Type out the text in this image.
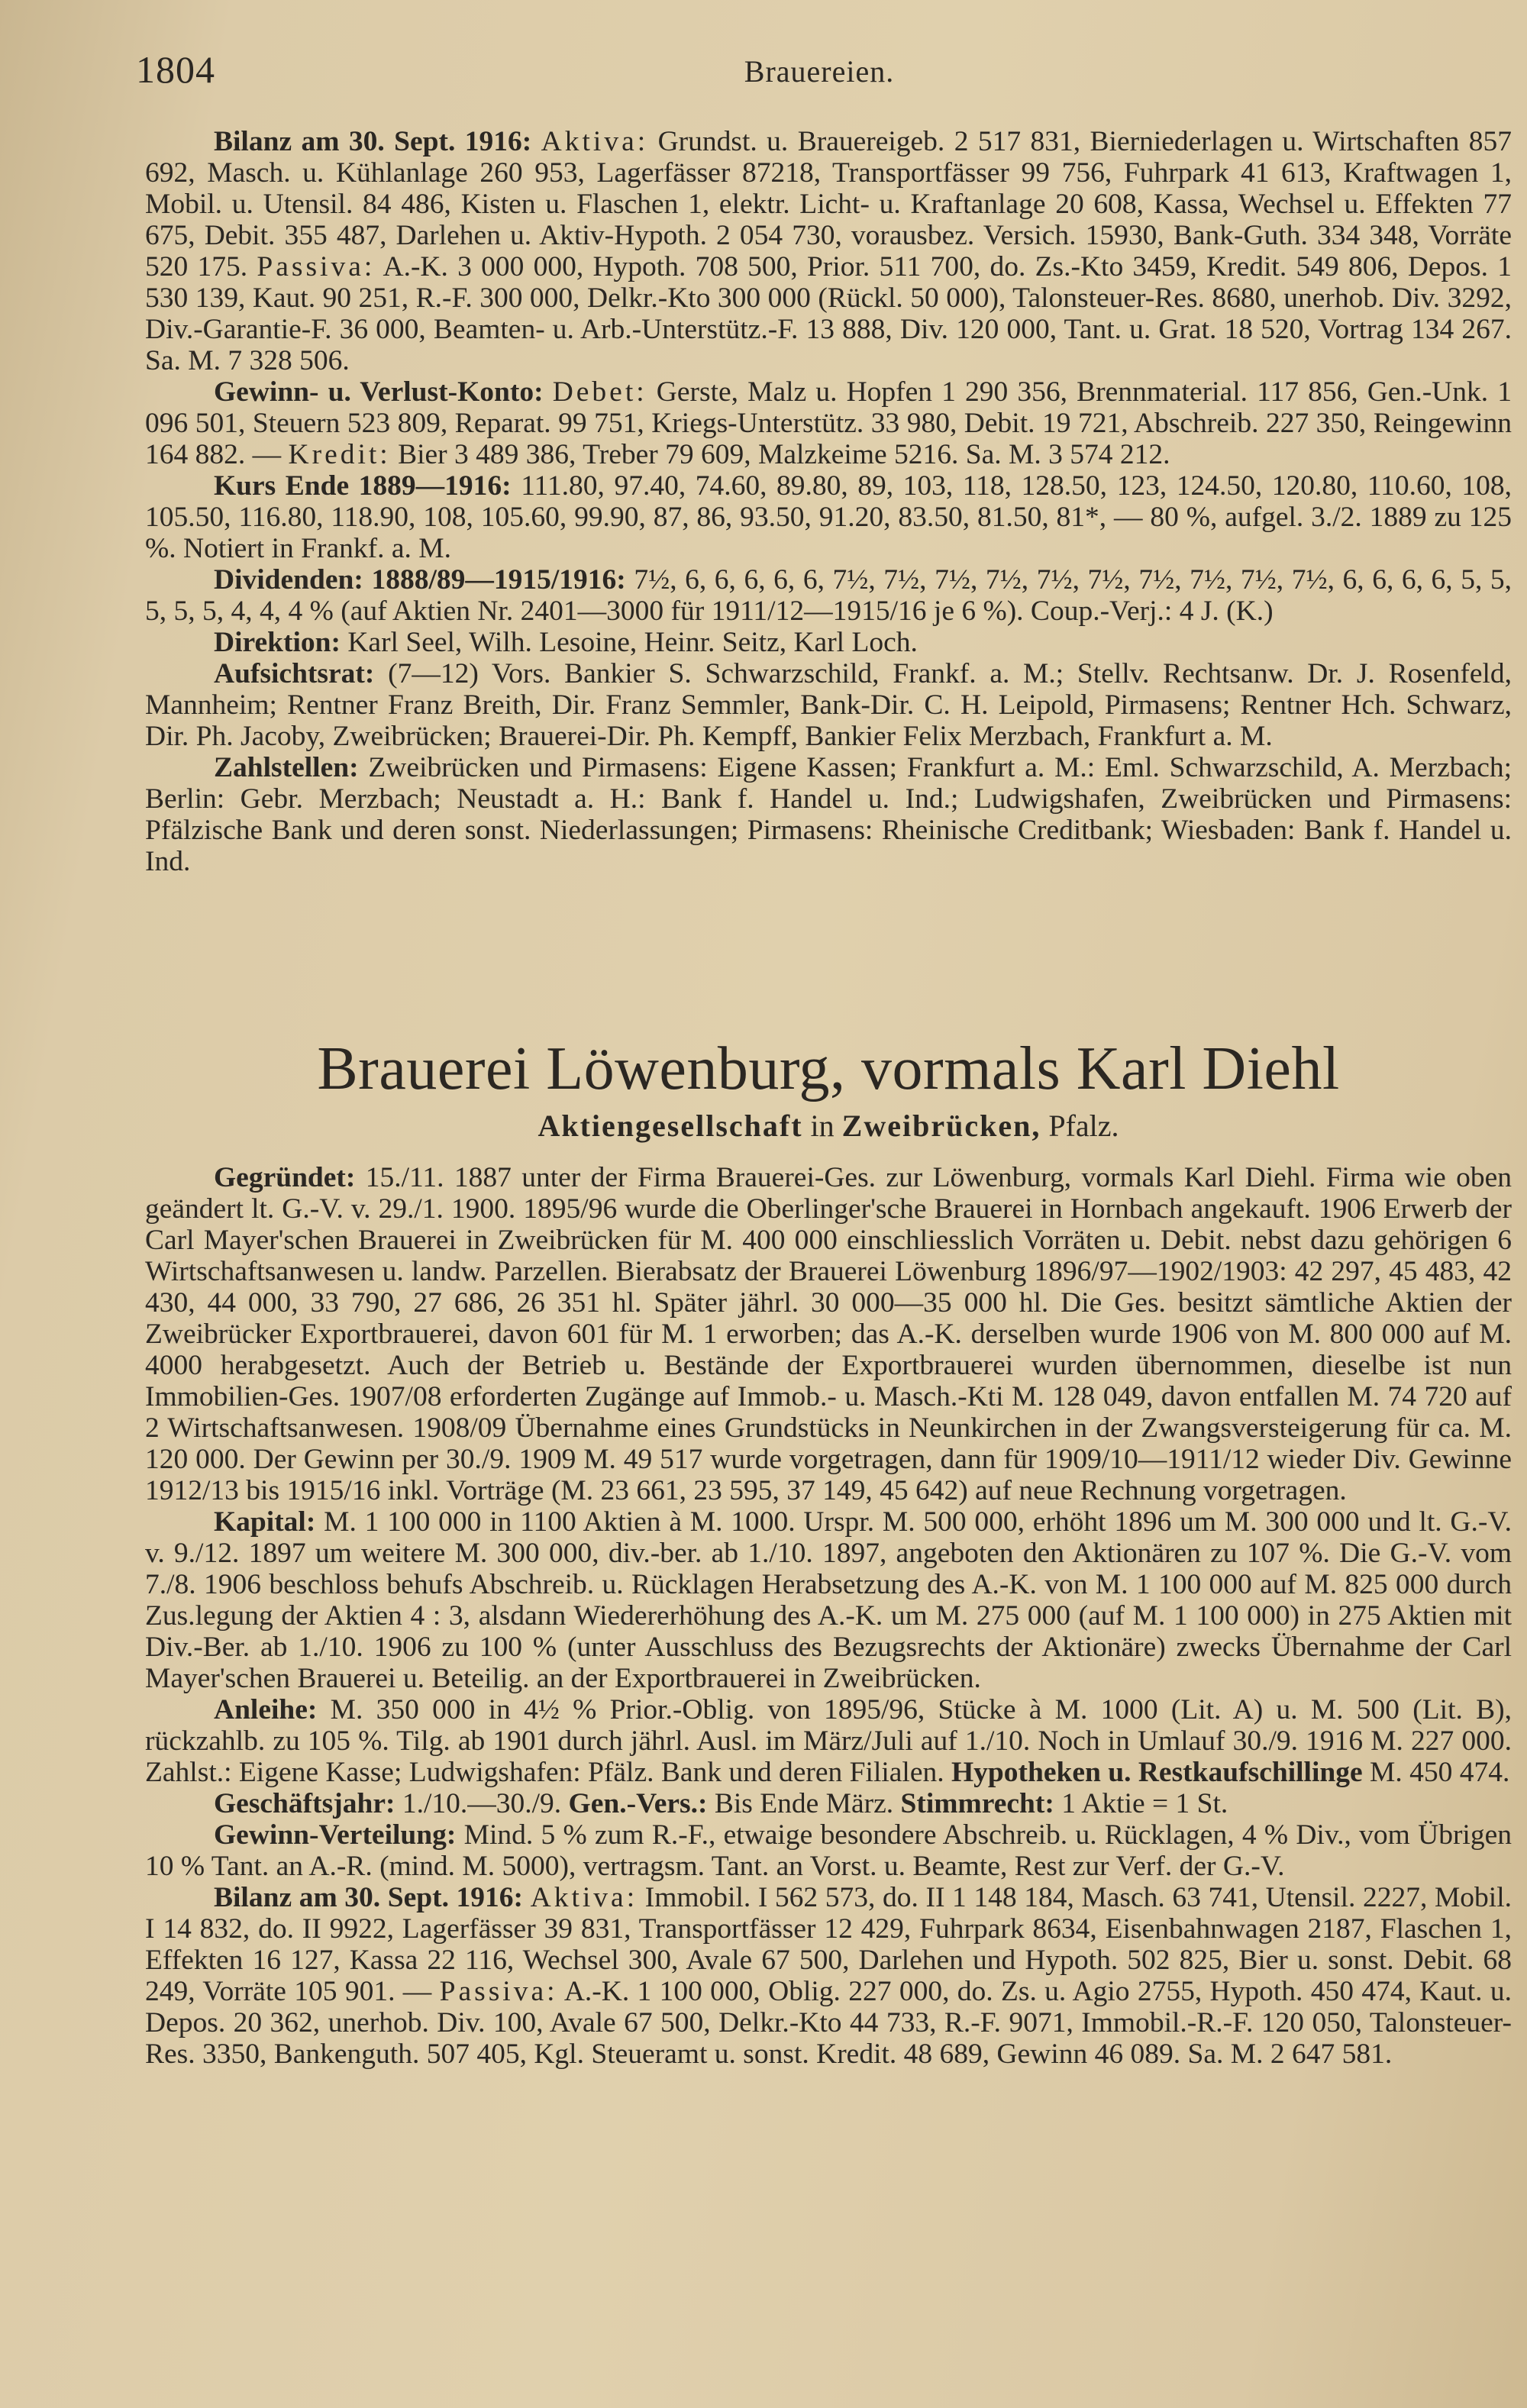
1804	Brauereien.

Bilanz am 30. Sept. 1916: Aktiva: Grundst. u. Brauereigeb. 2 517 831, Bierniederlagen u. Wirtschaften 857 692, Masch. u. Kühlanlage 260 953, Lagerfässer 87218, Transportfässer 99 756, Fuhrpark 41 613, Kraftwagen 1, Mobil. u. Utensil. 84 486, Kisten u. Flaschen 1, elektr. Licht- u. Kraftanlage 20 608, Kassa, Wechsel u. Effekten 77 675, Debit. 355 487, Darlehen u. Aktiv-Hypoth. 2 054 730, vorausbez. Versich. 15930, Bank-Guth. 334 348, Vorräte 520 175. Passiva: A.-K. 3 000 000, Hypoth. 708 500, Prior. 511 700, do. Zs.-Kto 3459, Kredit. 549 806, Depos. 1 530 139, Kaut. 90 251, R.-F. 300 000, Delkr.-Kto 300 000 (Rückl. 50 000), Talonsteuer-Res. 8680, unerhob. Div. 3292, Div.-Garantie-F. 36 000, Beamten- u. Arb.-Unterstütz.-F. 13 888, Div. 120 000, Tant. u. Grat. 18 520, Vortrag 134 267. Sa. M. 7 328 506.

Gewinn- u. Verlust-Konto: Debet: Gerste, Malz u. Hopfen 1 290 356, Brennmaterial. 117 856, Gen.-Unk. 1 096 501, Steuern 523 809, Reparat. 99 751, Kriegs-Unterstütz. 33 980, Debit. 19 721, Abschreib. 227 350, Reingewinn 164 882. — Kredit: Bier 3 489 386, Treber 79 609, Malzkeime 5216. Sa. M. 3 574 212.

Kurs Ende 1889—1916: 111.80, 97.40, 74.60, 89.80, 89, 103, 118, 128.50, 123, 124.50, 120.80, 110.60, 108, 105.50, 116.80, 118.90, 108, 105.60, 99.90, 87, 86, 93.50, 91.20, 83.50, 81.50, 81*, — 80 %, aufgel. 3./2. 1889 zu 125 %. Notiert in Frankf. a. M.

Dividenden: 1888/89—1915/1916: 7½, 6, 6, 6, 6, 6, 7½, 7½, 7½, 7½, 7½, 7½, 7½, 7½, 7½, 7½, 6, 6, 6, 6, 5, 5, 5, 5, 5, 4, 4, 4 % (auf Aktien Nr. 2401—3000 für 1911/12—1915/16 je 6 %). Coup.-Verj.: 4 J. (K.)

Direktion: Karl Seel, Wilh. Lesoine, Heinr. Seitz, Karl Loch.

Aufsichtsrat: (7—12) Vors. Bankier S. Schwarzschild, Frankf. a. M.; Stellv. Rechtsanw. Dr. J. Rosenfeld, Mannheim; Rentner Franz Breith, Dir. Franz Semmler, Bank-Dir. C. H. Leipold, Pirmasens; Rentner Hch. Schwarz, Dir. Ph. Jacoby, Zweibrücken; Brauerei-Dir. Ph. Kempff, Bankier Felix Merzbach, Frankfurt a. M.

Zahlstellen: Zweibrücken und Pirmasens: Eigene Kassen; Frankfurt a. M.: Eml. Schwarzschild, A. Merzbach; Berlin: Gebr. Merzbach; Neustadt a. H.: Bank f. Handel u. Ind.; Ludwigshafen, Zweibrücken und Pirmasens: Pfälzische Bank und deren sonst. Niederlassungen; Pirmasens: Rheinische Creditbank; Wiesbaden: Bank f. Handel u. Ind.

Brauerei Löwenburg, vormals Karl Diehl
Aktiengesellschaft in Zweibrücken, Pfalz.

Gegründet: 15./11. 1887 unter der Firma Brauerei-Ges. zur Löwenburg, vormals Karl Diehl. Firma wie oben geändert lt. G.-V. v. 29./1. 1900. 1895/96 wurde die Oberlinger'sche Brauerei in Hornbach angekauft. 1906 Erwerb der Carl Mayer'schen Brauerei in Zweibrücken für M. 400 000 einschliesslich Vorräten u. Debit. nebst dazu gehörigen 6 Wirtschaftsanwesen u. landw. Parzellen. Bierabsatz der Brauerei Löwenburg 1896/97—1902/1903: 42 297, 45 483, 42 430, 44 000, 33 790, 27 686, 26 351 hl. Später jährl. 30 000—35 000 hl. Die Ges. besitzt sämtliche Aktien der Zweibrücker Exportbrauerei, davon 601 für M. 1 erworben; das A.-K. derselben wurde 1906 von M. 800 000 auf M. 4000 herabgesetzt. Auch der Betrieb u. Bestände der Exportbrauerei wurden übernommen, dieselbe ist nun Immobilien-Ges. 1907/08 erforderten Zugänge auf Immob.- u. Masch.-Kti M. 128 049, davon entfallen M. 74 720 auf 2 Wirtschaftsanwesen. 1908/09 Übernahme eines Grundstücks in Neunkirchen in der Zwangsversteigerung für ca. M. 120 000. Der Gewinn per 30./9. 1909 M. 49 517 wurde vorgetragen, dann für 1909/10—1911/12 wieder Div. Gewinne 1912/13 bis 1915/16 inkl. Vorträge (M. 23 661, 23 595, 37 149, 45 642) auf neue Rechnung vorgetragen.

Kapital: M. 1 100 000 in 1100 Aktien à M. 1000. Urspr. M. 500 000, erhöht 1896 um M. 300 000 und lt. G.-V. v. 9./12. 1897 um weitere M. 300 000, div.-ber. ab 1./10. 1897, angeboten den Aktionären zu 107 %. Die G.-V. vom 7./8. 1906 beschloss behufs Abschreib. u. Rücklagen Herabsetzung des A.-K. von M. 1 100 000 auf M. 825 000 durch Zus.legung der Aktien 4 : 3, alsdann Wiedererhöhung des A.-K. um M. 275 000 (auf M. 1 100 000) in 275 Aktien mit Div.-Ber. ab 1./10. 1906 zu 100 % (unter Ausschluss des Bezugsrechts der Aktionäre) zwecks Übernahme der Carl Mayer'schen Brauerei u. Beteilig. an der Exportbrauerei in Zweibrücken.

Anleihe: M. 350 000 in 4½ % Prior.-Oblig. von 1895/96, Stücke à M. 1000 (Lit. A) u. M. 500 (Lit. B), rückzahlb. zu 105 %. Tilg. ab 1901 durch jährl. Ausl. im März/Juli auf 1./10. Noch in Umlauf 30./9. 1916 M. 227 000. Zahlst.: Eigene Kasse; Ludwigshafen: Pfälz. Bank und deren Filialen. Hypotheken u. Restkaufschillinge M. 450 474.

Geschäftsjahr: 1./10.—30./9. Gen.-Vers.: Bis Ende März. Stimmrecht: 1 Aktie = 1 St.

Gewinn-Verteilung: Mind. 5 % zum R.-F., etwaige besondere Abschreib. u. Rücklagen, 4 % Div., vom Übrigen 10 % Tant. an A.-R. (mind. M. 5000), vertragsm. Tant. an Vorst. u. Beamte, Rest zur Verf. der G.-V.

Bilanz am 30. Sept. 1916: Aktiva: Immobil. I 562 573, do. II 1 148 184, Masch. 63 741, Utensil. 2227, Mobil. I 14 832, do. II 9922, Lagerfässer 39 831, Transportfässer 12 429, Fuhrpark 8634, Eisenbahnwagen 2187, Flaschen 1, Effekten 16 127, Kassa 22 116, Wechsel 300, Avale 67 500, Darlehen und Hypoth. 502 825, Bier u. sonst. Debit. 68 249, Vorräte 105 901. — Passiva: A.-K. 1 100 000, Oblig. 227 000, do. Zs. u. Agio 2755, Hypoth. 450 474, Kaut. u. Depos. 20 362, unerhob. Div. 100, Avale 67 500, Delkr.-Kto 44 733, R.-F. 9071, Immobil.-R.-F. 120 050, Talonsteuer-Res. 3350, Bankenguth. 507 405, Kgl. Steueramt u. sonst. Kredit. 48 689, Gewinn 46 089. Sa. M. 2 647 581.
